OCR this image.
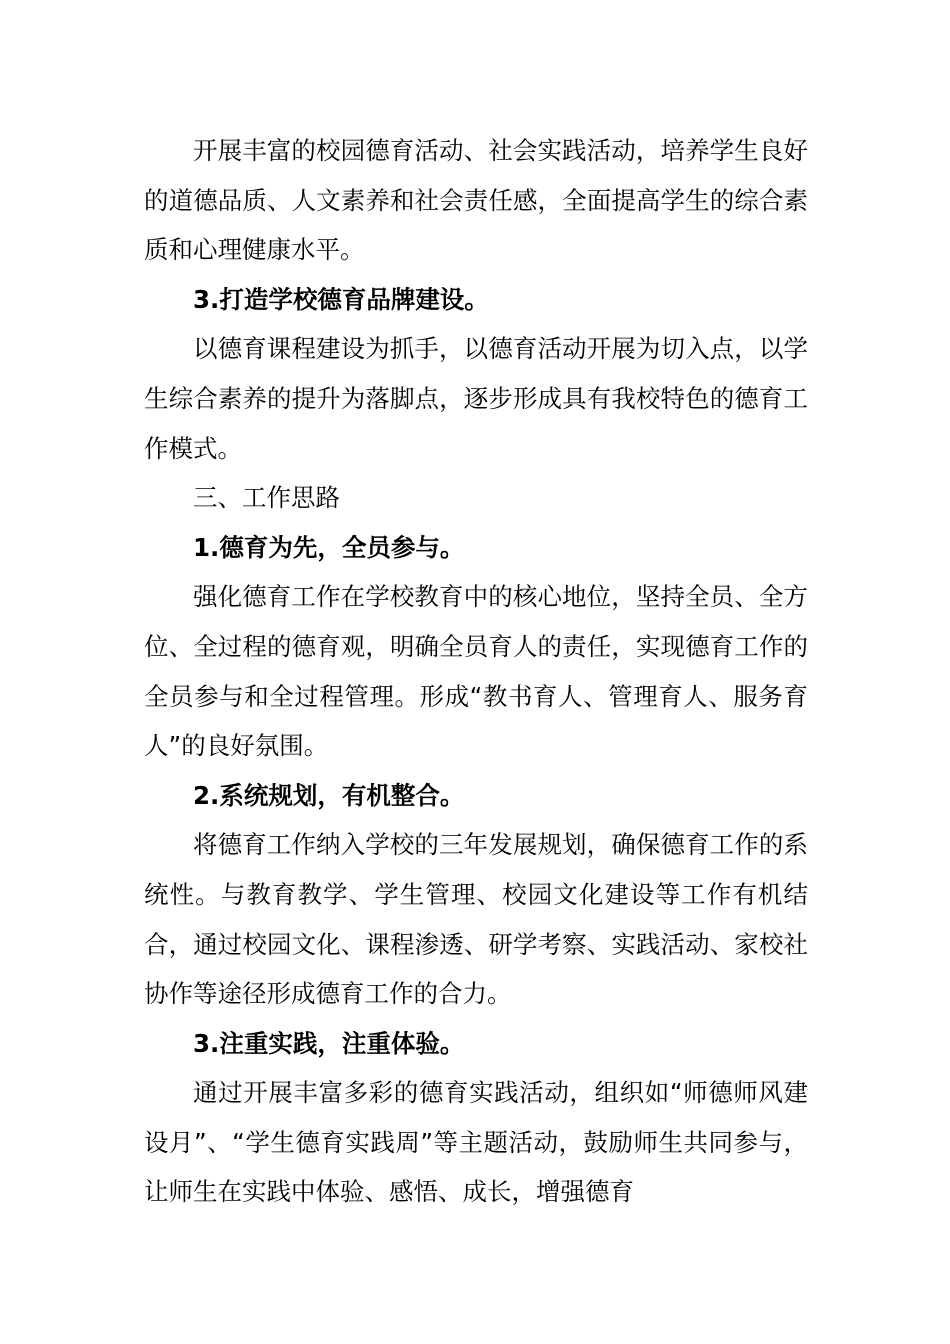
开展丰富的校园德育活动、社会实践活动，培养学生良好的道德品质、人文素养和社会责任感，全面提高学生的综合素质和心理健康水平。

3.打造学校德育品牌建设。

以德育课程建设为抓手，以德育活动开展为切入点，以学生综合素养的提升为落脚点，逐步形成具有我校特色的德育工作模式。

三、工作思路

1.德育为先，全员参与。

强化德育工作在学校教育中的核心地位，坚持全员、全方位、全过程的德育观，明确全员育人的责任，实现德育工作的全员参与和全过程管理。形成“教书育人、管理育人、服务育人”的良好氛围。

2.系统规划，有机整合。

将德育工作纳入学校的三年发展规划，确保德育工作的系统性。与教育教学、学生管理、校园文化建设等工作有机结合，通过校园文化、课程渗透、研学考察、实践活动、家校社协作等途径形成德育工作的合力。

3.注重实践，注重体验。

通过开展丰富多彩的德育实践活动，组织如“师德师风建设月”、“学生德育实践周”等主题活动，鼓励师生共同参与，让师生在实践中体验、感悟、成长，增强德育
